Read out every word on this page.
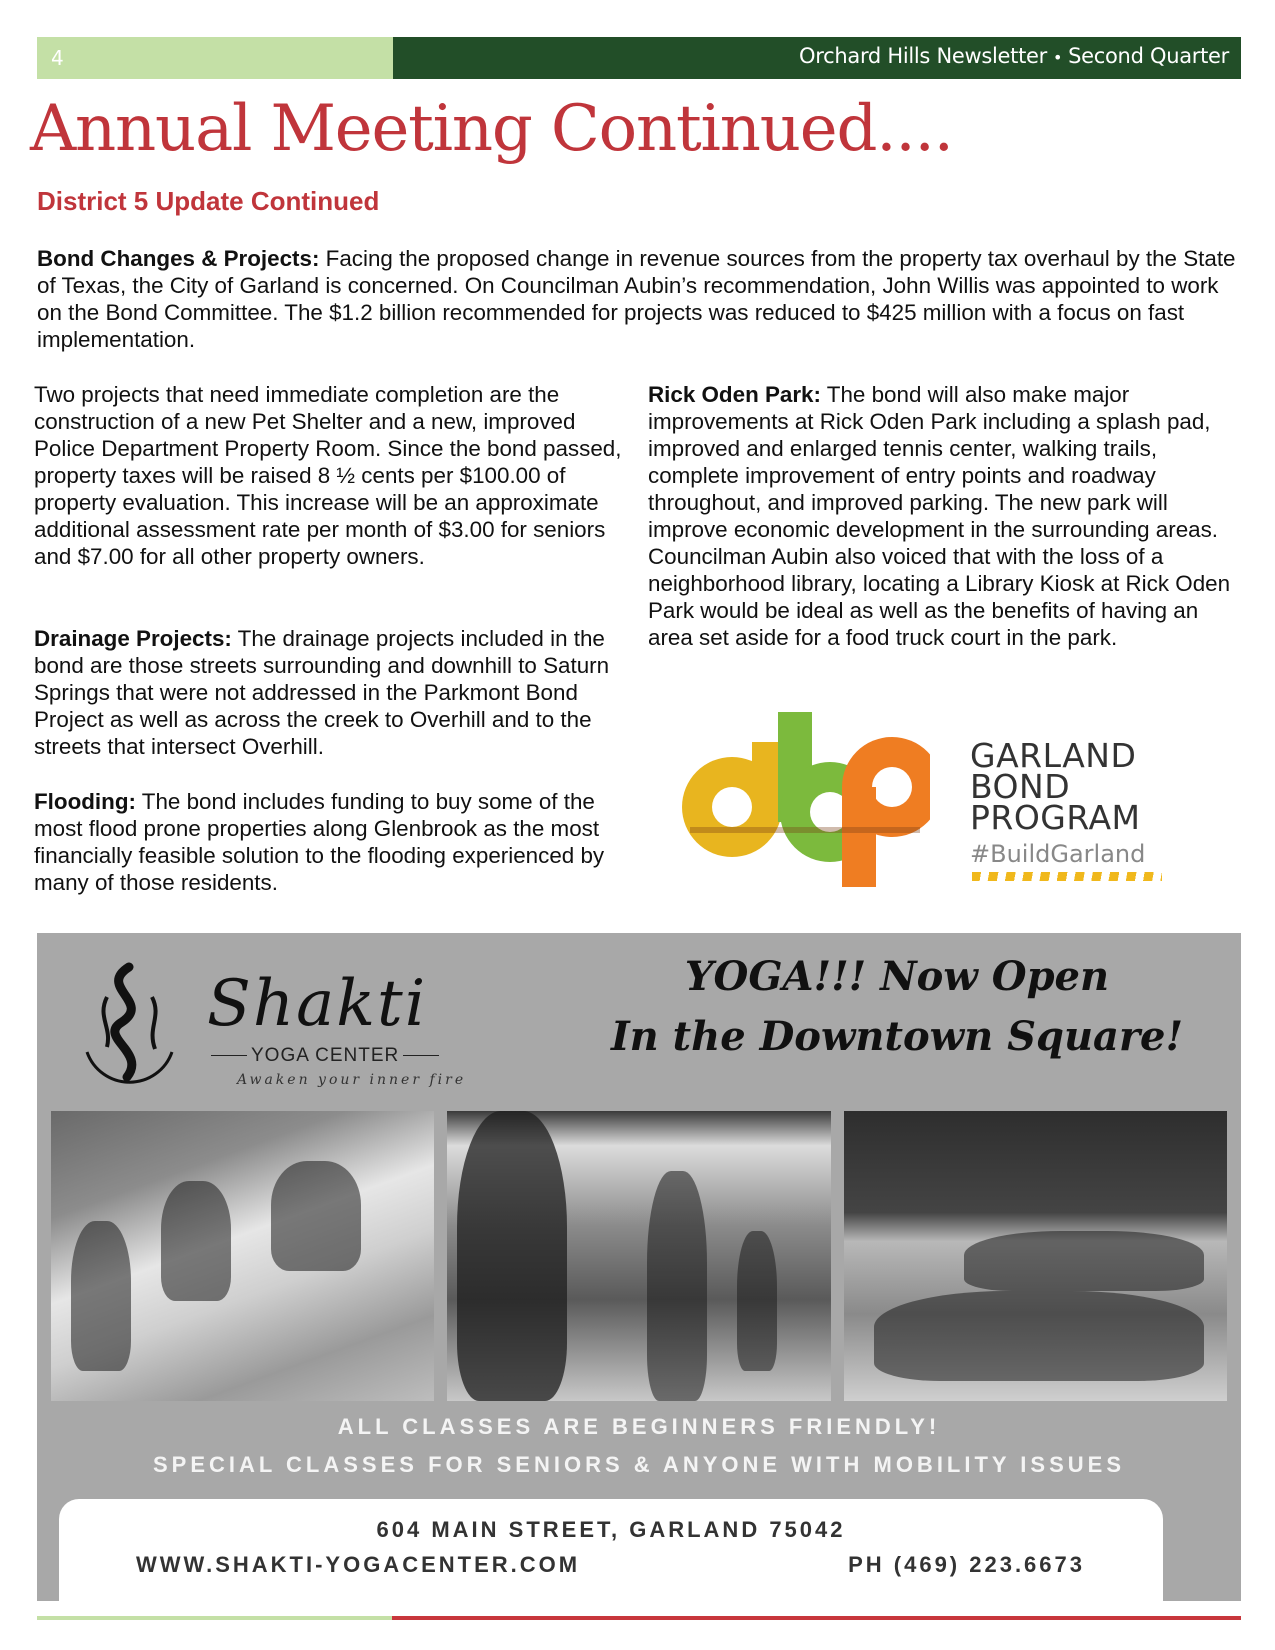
4	Orchard Hills Newsletter • Second Quarter
Annual Meeting Continued....
District 5 Update Continued

Bond Changes & Projects: Facing the proposed change in revenue sources from the property tax overhaul by the State of Texas, the City of Garland is concerned. On Councilman Aubin’s recommendation, John Willis was appointed to work on the Bond Committee. The $1.2 billion recommended for projects was reduced to $425 million with a focus on fast implementation.

Two projects that need immediate completion are the construction of a new Pet Shelter and a new, improved Police Department Property Room. Since the bond passed, property taxes will be raised 8 ½ cents per $100.00 of property evaluation. This increase will be an approximate additional assessment rate per month of $3.00 for seniors and $7.00 for all other property owners.

Drainage Projects: The drainage projects included in the bond are those streets surrounding and downhill to Saturn Springs that were not addressed in the Parkmont Bond Project as well as across the creek to Overhill and to the streets that intersect Overhill.

Flooding: The bond includes funding to buy some of the most flood prone properties along Glenbrook as the most financially feasible solution to the flooding experienced by many of those residents.

Rick Oden Park: The bond will also make major improvements at Rick Oden Park including a splash pad, improved and enlarged tennis center, walking trails, complete improvement of entry points and roadway throughout, and improved parking. The new park will improve economic development in the surrounding areas. Councilman Aubin also voiced that with the loss of a neighborhood library, locating a Library Kiosk at Rick Oden Park would be ideal as well as the benefits of having an area set aside for a food truck court in the park.

GARLAND
BOND
PROGRAM
#BuildGarland
Shakti
YOGA CENTER
Awaken your inner fire
YOGA!!! Now Open
In the Downtown Square!
ALL CLASSES ARE BEGINNERS FRIENDLY!
SPECIAL CLASSES FOR SENIORS & ANYONE WITH MOBILITY ISSUES
604 MAIN STREET, GARLAND 75042
WWW.SHAKTI-YOGACENTER.COM	PH (469) 223.6673
